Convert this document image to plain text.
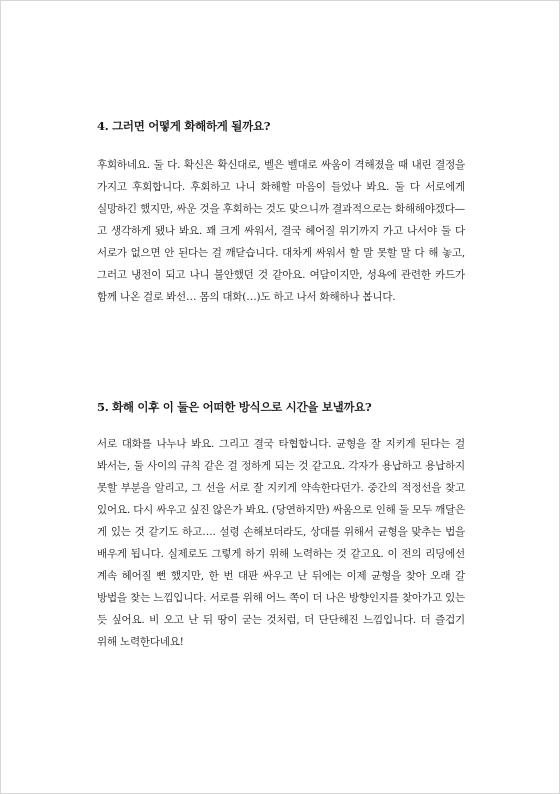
4. 그러면 어떻게 화해하게 될까요?

후회하네요. 둘 다. 확신은 확신대로, 벨은 벨대로 싸움이 격해졌을 때 내린 결정을 가지고 후회합니다. 후회하고 나니 화해할 마음이 들었나 봐요. 둘 다 서로에게 실망하긴 했지만, 싸운 것을 후회하는 것도 맞으니까 결과적으로는 화해해야겠다— 고 생각하게 됐나 봐요. 꽤 크게 싸워서, 결국 헤어질 위기까지 가고 나서야 둘 다 서로가 없으면 안 된다는 걸 깨닫습니다. 대차게 싸워서 할 말 못할 말 다 해 놓고, 그러고 냉전이 되고 나니 불안했던 것 같아요. 여담이지만, 성욕에 관련한 카드가 함께 나온 걸로 봐선… 몸의 대화(…)도 하고 나서 화해하나 봅니다.

5. 화해 이후 이 둘은 어떠한 방식으로 시간을 보낼까요?

서로 대화를 나누나 봐요. 그리고 결국 타협합니다. 균형을 잘 지키게 된다는 걸 봐서는, 둘 사이의 규칙 같은 걸 정하게 되는 것 같고요. 각자가 용납하고 용납하지 못할 부분을 알리고, 그 선을 서로 잘 지키게 약속한다던가. 중간의 적정선을 찾고 있어요. 다시 싸우고 싶진 않은가 봐요. (당연하지만) 싸움으로 인해 둘 모두 깨달은 게 있는 것 같기도 하고…. 설령 손해보더라도, 상대를 위해서 균형을 맞추는 법을 배우게 됩니다. 실제로도 그렇게 하기 위해 노력하는 것 같고요. 이 전의 리딩에선 계속 헤어질 뻔 했지만, 한 번 대판 싸우고 난 뒤에는 이제 균형을 찾아 오래 갈 방법을 찾는 느낌입니다. 서로를 위해 어느 쪽이 더 나은 방향인지를 찾아가고 있는 듯 싶어요. 비 오고 난 뒤 땅이 굳는 것처럼, 더 단단해진 느낌입니다. 더 즐겁기 위해 노력한다네요!
